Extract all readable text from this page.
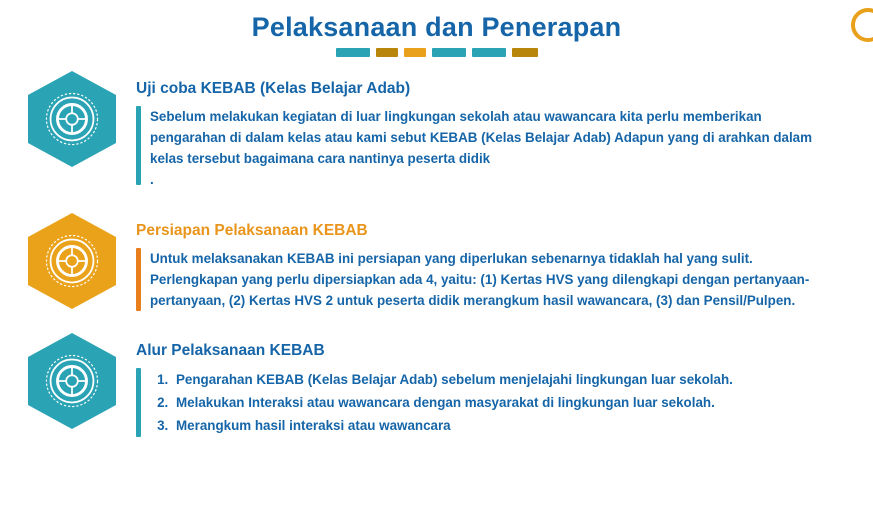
Pelaksanaan dan Penerapan

Uji coba KEBAB (Kelas Belajar Adab)

Sebelum melakukan kegiatan di luar lingkungan sekolah atau wawancara kita perlu memberikan pengarahan di dalam kelas atau kami sebut KEBAB (Kelas Belajar Adab) Adapun yang di arahkan dalam kelas tersebut bagaimana cara nantinya peserta didik
.

Persiapan Pelaksanaan KEBAB

Untuk melaksanakan KEBAB ini persiapan yang diperlukan sebenarnya tidaklah hal yang sulit. Perlengkapan yang perlu dipersiapkan ada 4, yaitu: (1) Kertas HVS yang dilengkapi dengan pertanyaan-pertanyaan, (2) Kertas HVS 2 untuk peserta didik merangkum hasil wawancara, (3) dan Pensil/Pulpen.

Alur Pelaksanaan KEBAB

1. Pengarahan KEBAB (Kelas Belajar Adab) sebelum menjelajahi lingkungan luar sekolah.
2. Melakukan Interaksi atau wawancara dengan masyarakat di lingkungan luar sekolah.
3. Merangkum hasil interaksi atau wawancara
